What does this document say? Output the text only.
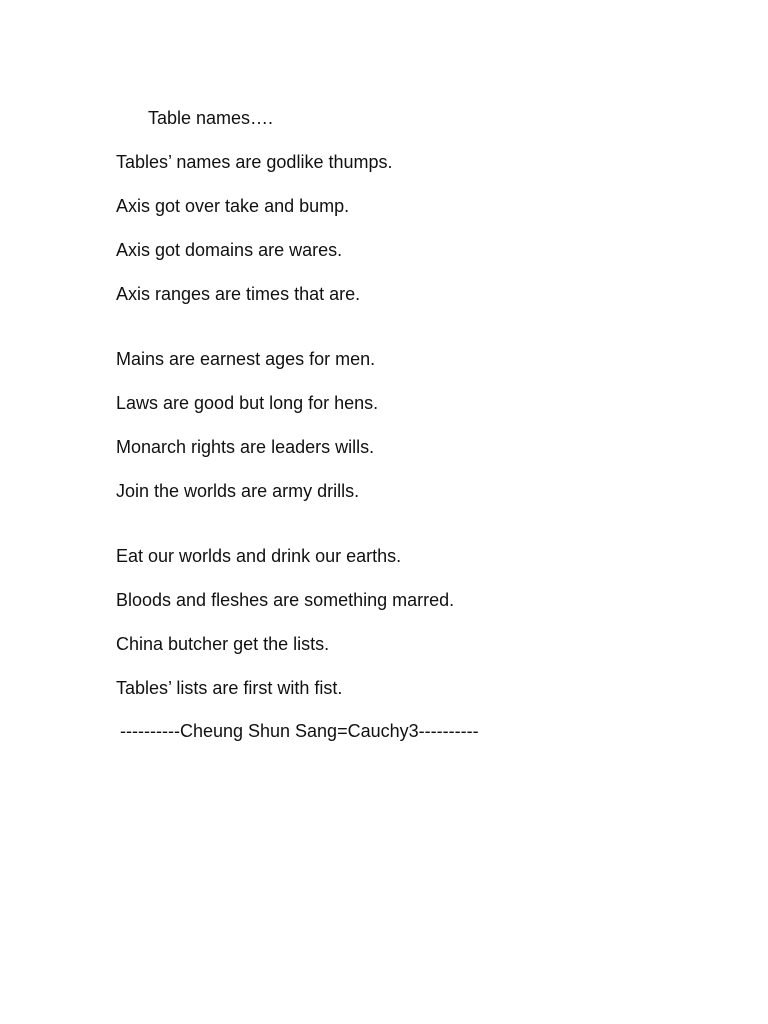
Table names….
Tables’ names are godlike thumps.
Axis got over take and bump.
Axis got domains are wares.
Axis ranges are times that are.
Mains are earnest ages for men.
Laws are good but long for hens.
Monarch rights are leaders wills.
Join the worlds are army drills.
Eat our worlds and drink our earths.
Bloods and fleshes are something marred.
China butcher get the lists.
Tables’ lists are first with fist.
----------Cheung Shun Sang=Cauchy3----------
